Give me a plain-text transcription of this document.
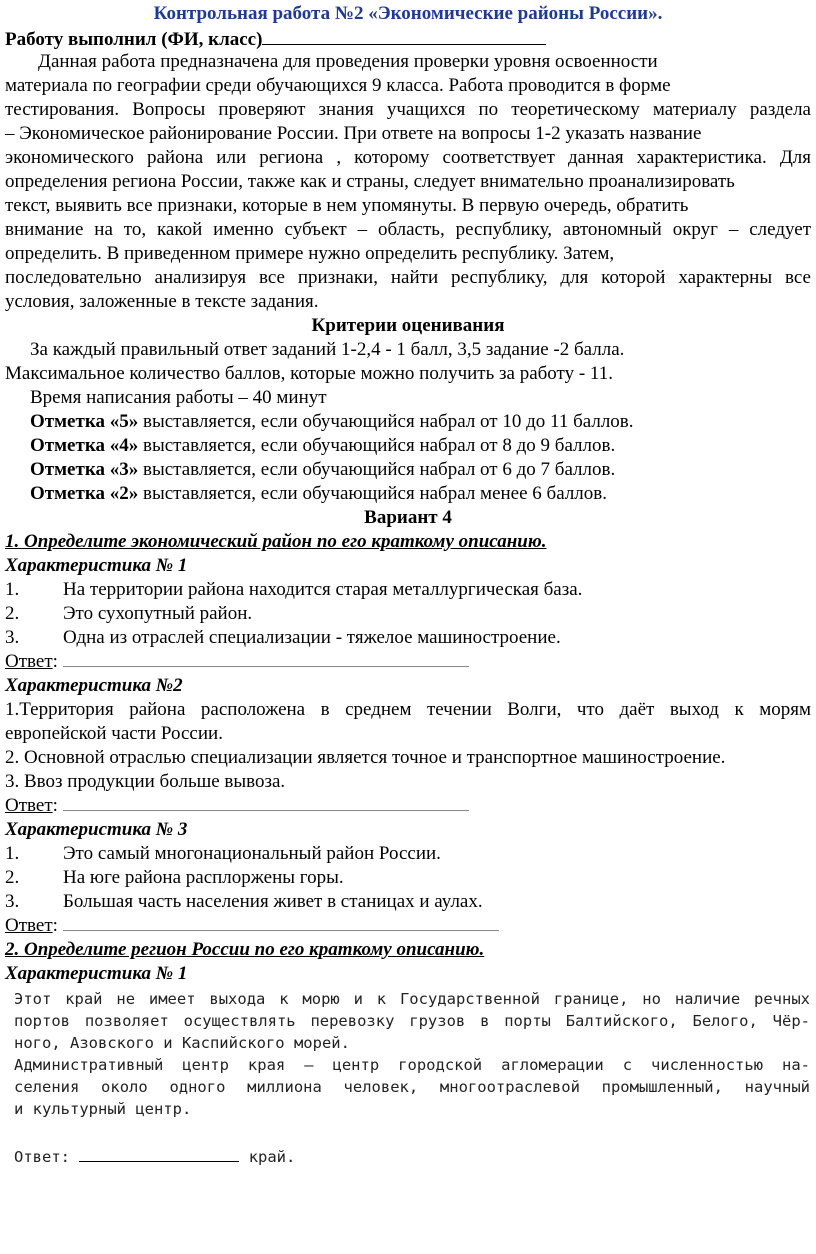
Контрольная работа №2 «Экономические районы России».
Работу выполнил (ФИ, класс)
Данная работа предназначена для проведения проверки уровня освоенности
материала по географии среди обучающихся 9 класса. Работа проводится в форме
тестирования. Вопросы проверяют знания учащихся по теоретическому материалу раздела
– Экономическое районирование России. При ответе на вопросы 1-2 указать название
экономического района или региона , которому соответствует данная характеристика. Для
определения региона России, также как и страны, следует внимательно проанализировать
текст, выявить все признаки, которые в нем упомянуты. В первую очередь, обратить
внимание на то, какой именно субъект – область, республику, автономный округ – следует
определить. В приведенном примере нужно определить республику. Затем,
последовательно анализируя все признаки, найти республику, для которой характерны все
условия, заложенные в тексте задания.
Критерии оценивания
За каждый правильный ответ заданий 1-2,4 - 1 балл, 3,5 задание -2 балла.
Максимальное количество баллов, которые можно получить за работу - 11.
Время написания работы – 40 минут
Отметка «5» выставляется, если обучающийся набрал от 10 до 11 баллов.
Отметка «4» выставляется, если обучающийся набрал от 8 до 9 баллов.
Отметка «3» выставляется, если обучающийся набрал от 6 до 7 баллов.
Отметка «2» выставляется, если обучающийся набрал менее 6 баллов.
Вариант 4
1. Определите экономический район по его краткому описанию.
Характеристика № 1
1. На территории района находится старая металлургическая база.
2. Это сухопутный район.
3. Одна из отраслей специализации - тяжелое машиностроение.
Ответ:
Характеристика №2
1.Территория района расположена в среднем течении Волги, что даёт выход к морям
европейской части России.
2. Основной отраслью специализации является точное и транспортное машиностроение.
3. Ввоз продукции больше вывоза.
Ответ:
Характеристика № 3
1. Это самый многонациональный район России.
2. На юге района расплоржены горы.
3. Большая часть населения живет в станицах и аулах.
Ответ:
2. Определите регион России по его краткому описанию.
Характеристика № 1
Этот край не имеет выхода к морю и к Государственной границе, но наличие речных
портов позволяет осуществлять перевозку грузов в порты Балтийского, Белого, Чёр-
ного, Азовского и Каспийского морей.
Административный центр края — центр городской агломерации с численностью на-
селения около одного миллиона человек, многоотраслевой промышленный, научный
и культурный центр.
Ответ:	край.
